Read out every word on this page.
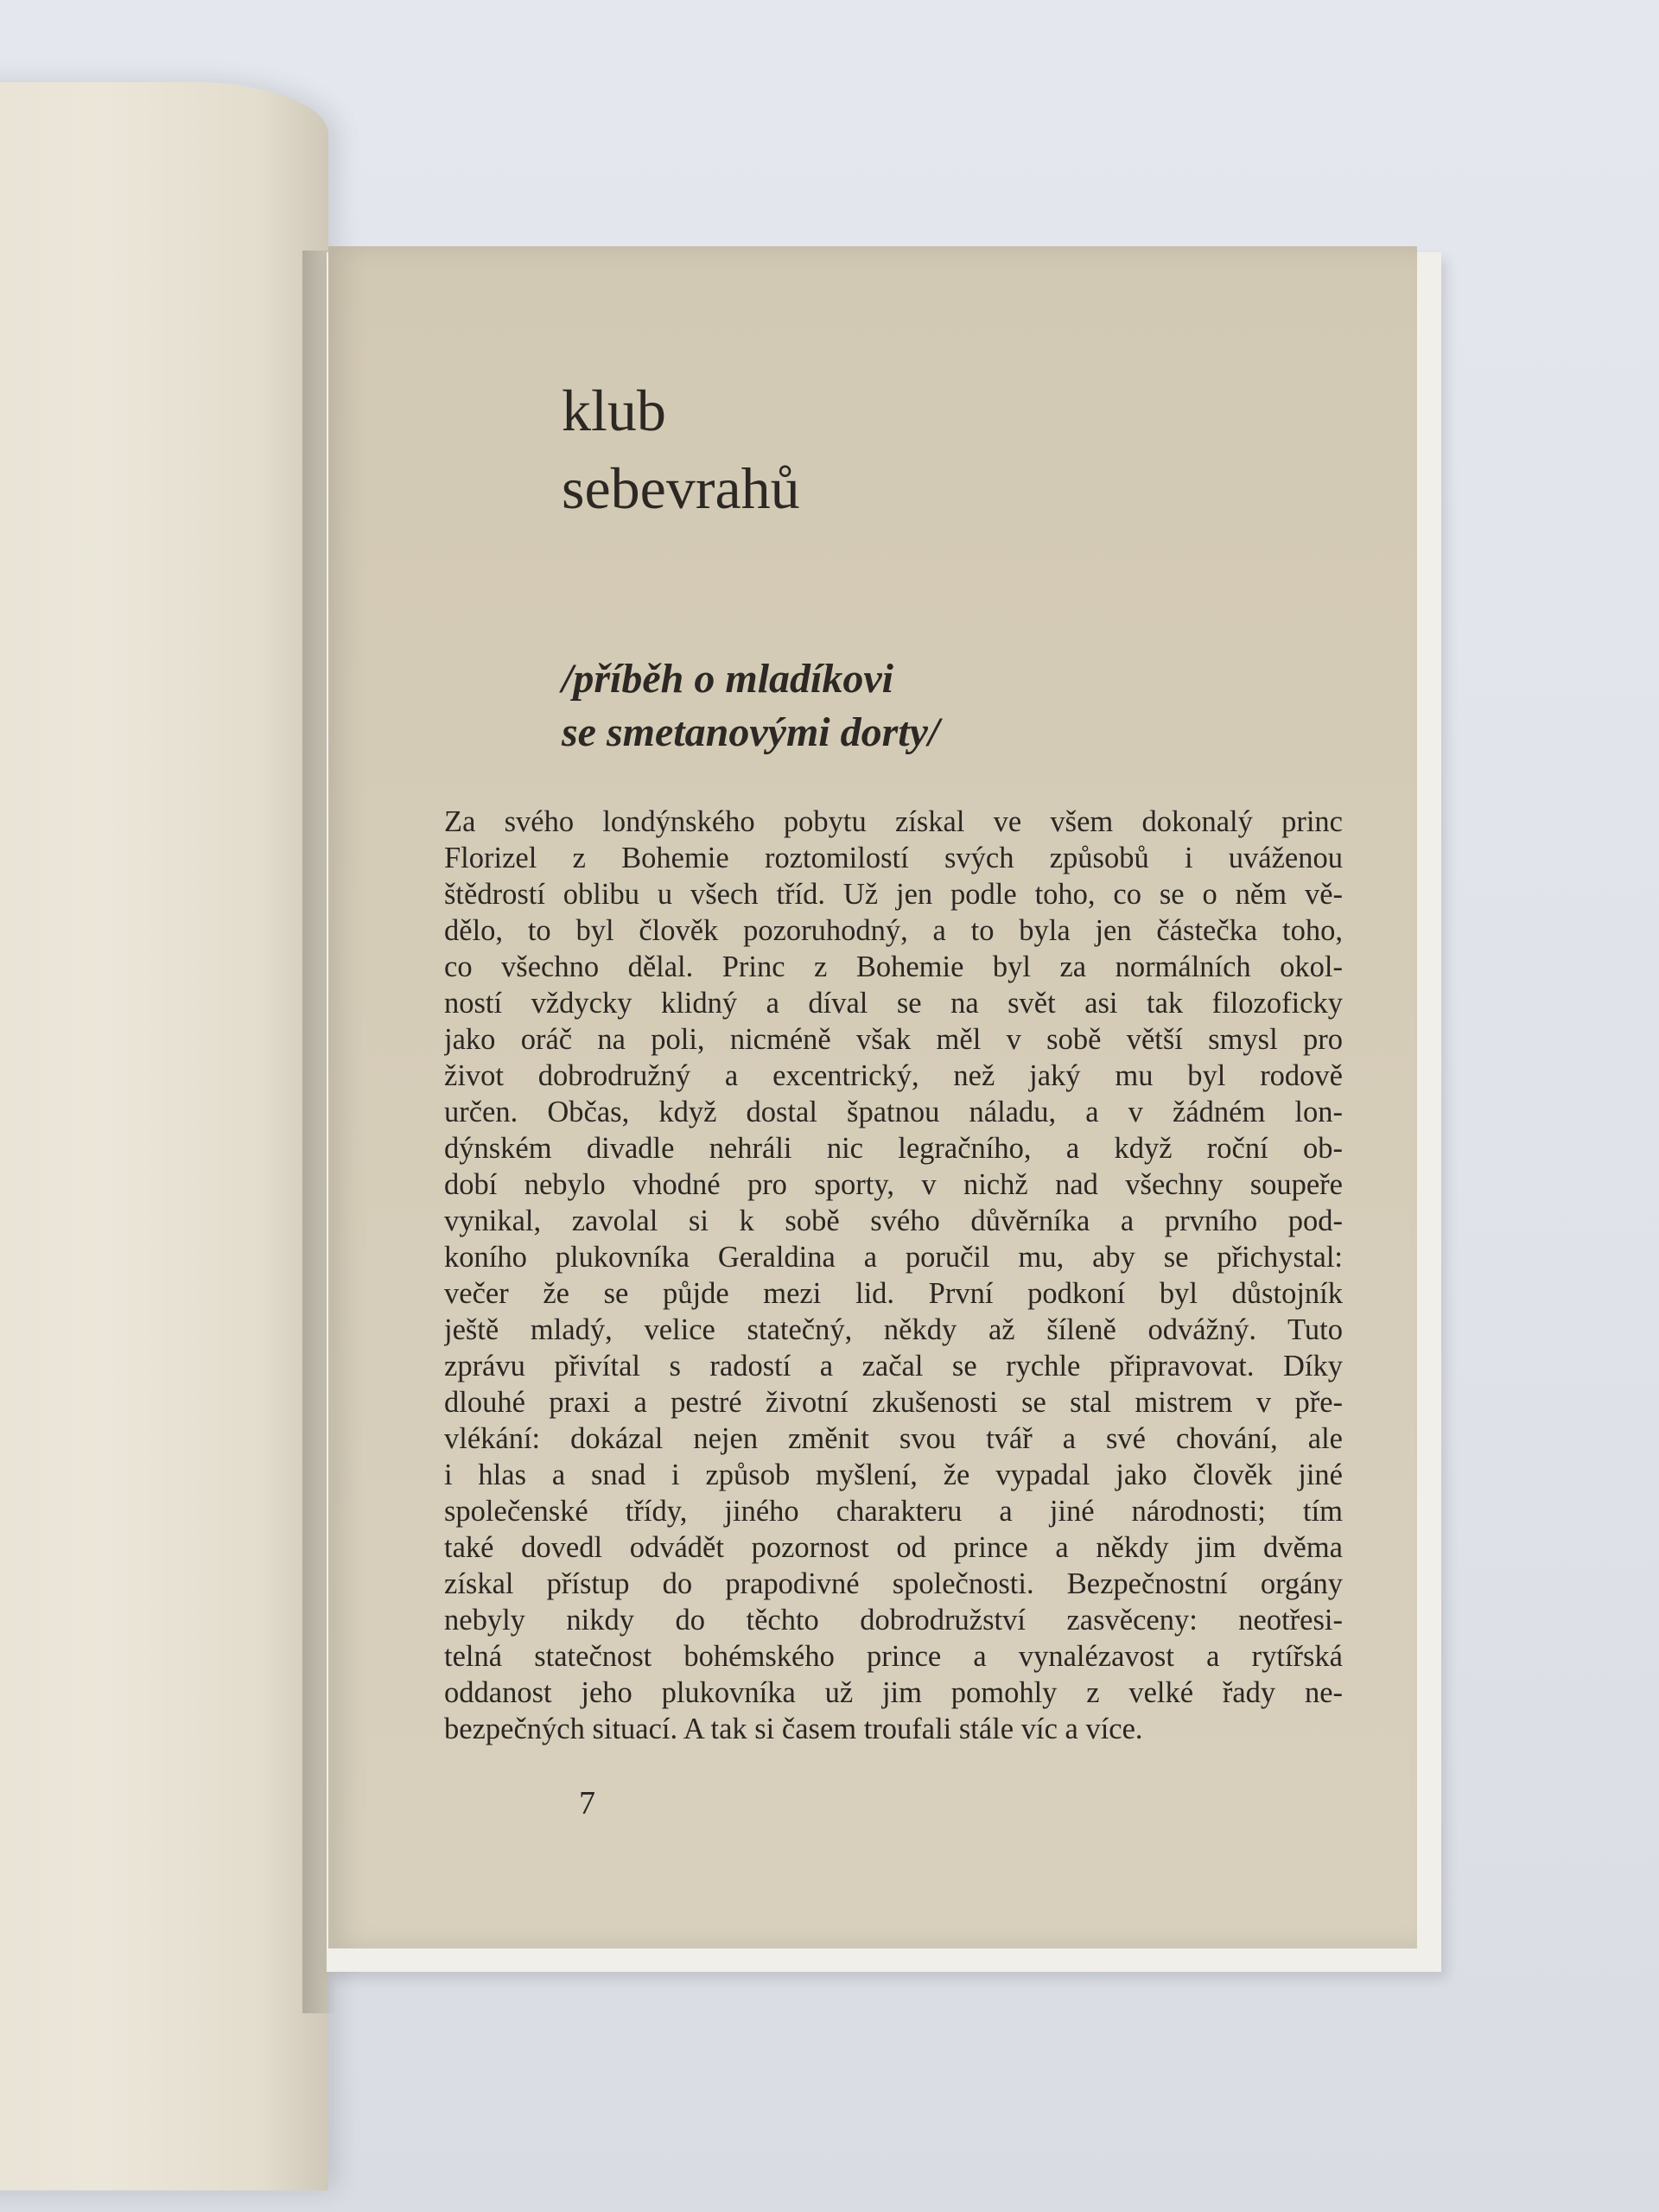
klub
sebevrahů
/příběh o mladíkovi
se smetanovými dorty/
Za svého londýnského pobytu získal ve všem dokonalý princ
Florizel z Bohemie roztomilostí svých způsobů i uváženou
štědrostí oblibu u všech tříd. Už jen podle toho, co se o něm vě-
dělo, to byl člověk pozoruhodný, a to byla jen částečka toho,
co všechno dělal. Princ z Bohemie byl za normálních okol-
ností vždycky klidný a díval se na svět asi tak filozoficky
jako oráč na poli, nicméně však měl v sobě větší smysl pro
život dobrodružný a excentrický, než jaký mu byl rodově
určen. Občas, když dostal špatnou náladu, a v žádném lon-
dýnském divadle nehráli nic legračního, a když roční ob-
dobí nebylo vhodné pro sporty, v nichž nad všechny soupeře
vynikal, zavolal si k sobě svého důvěrníka a prvního pod-
koního plukovníka Geraldina a poručil mu, aby se přichystal:
večer že se půjde mezi lid. První podkoní byl důstojník
ještě mladý, velice statečný, někdy až šíleně odvážný. Tuto
zprávu přivítal s radostí a začal se rychle připravovat. Díky
dlouhé praxi a pestré životní zkušenosti se stal mistrem v pře-
vlékání: dokázal nejen změnit svou tvář a své chování, ale
i hlas a snad i způsob myšlení, že vypadal jako člověk jiné
společenské třídy, jiného charakteru a jiné národnosti; tím
také dovedl odvádět pozornost od prince a někdy jim dvěma
získal přístup do prapodivné společnosti. Bezpečnostní orgány
nebyly nikdy do těchto dobrodružství zasvěceny: neotřesi-
telná statečnost bohémského prince a vynalézavost a rytířská
oddanost jeho plukovníka už jim pomohly z velké řady ne-
bezpečných situací. A tak si časem troufali stále víc a více.

7
